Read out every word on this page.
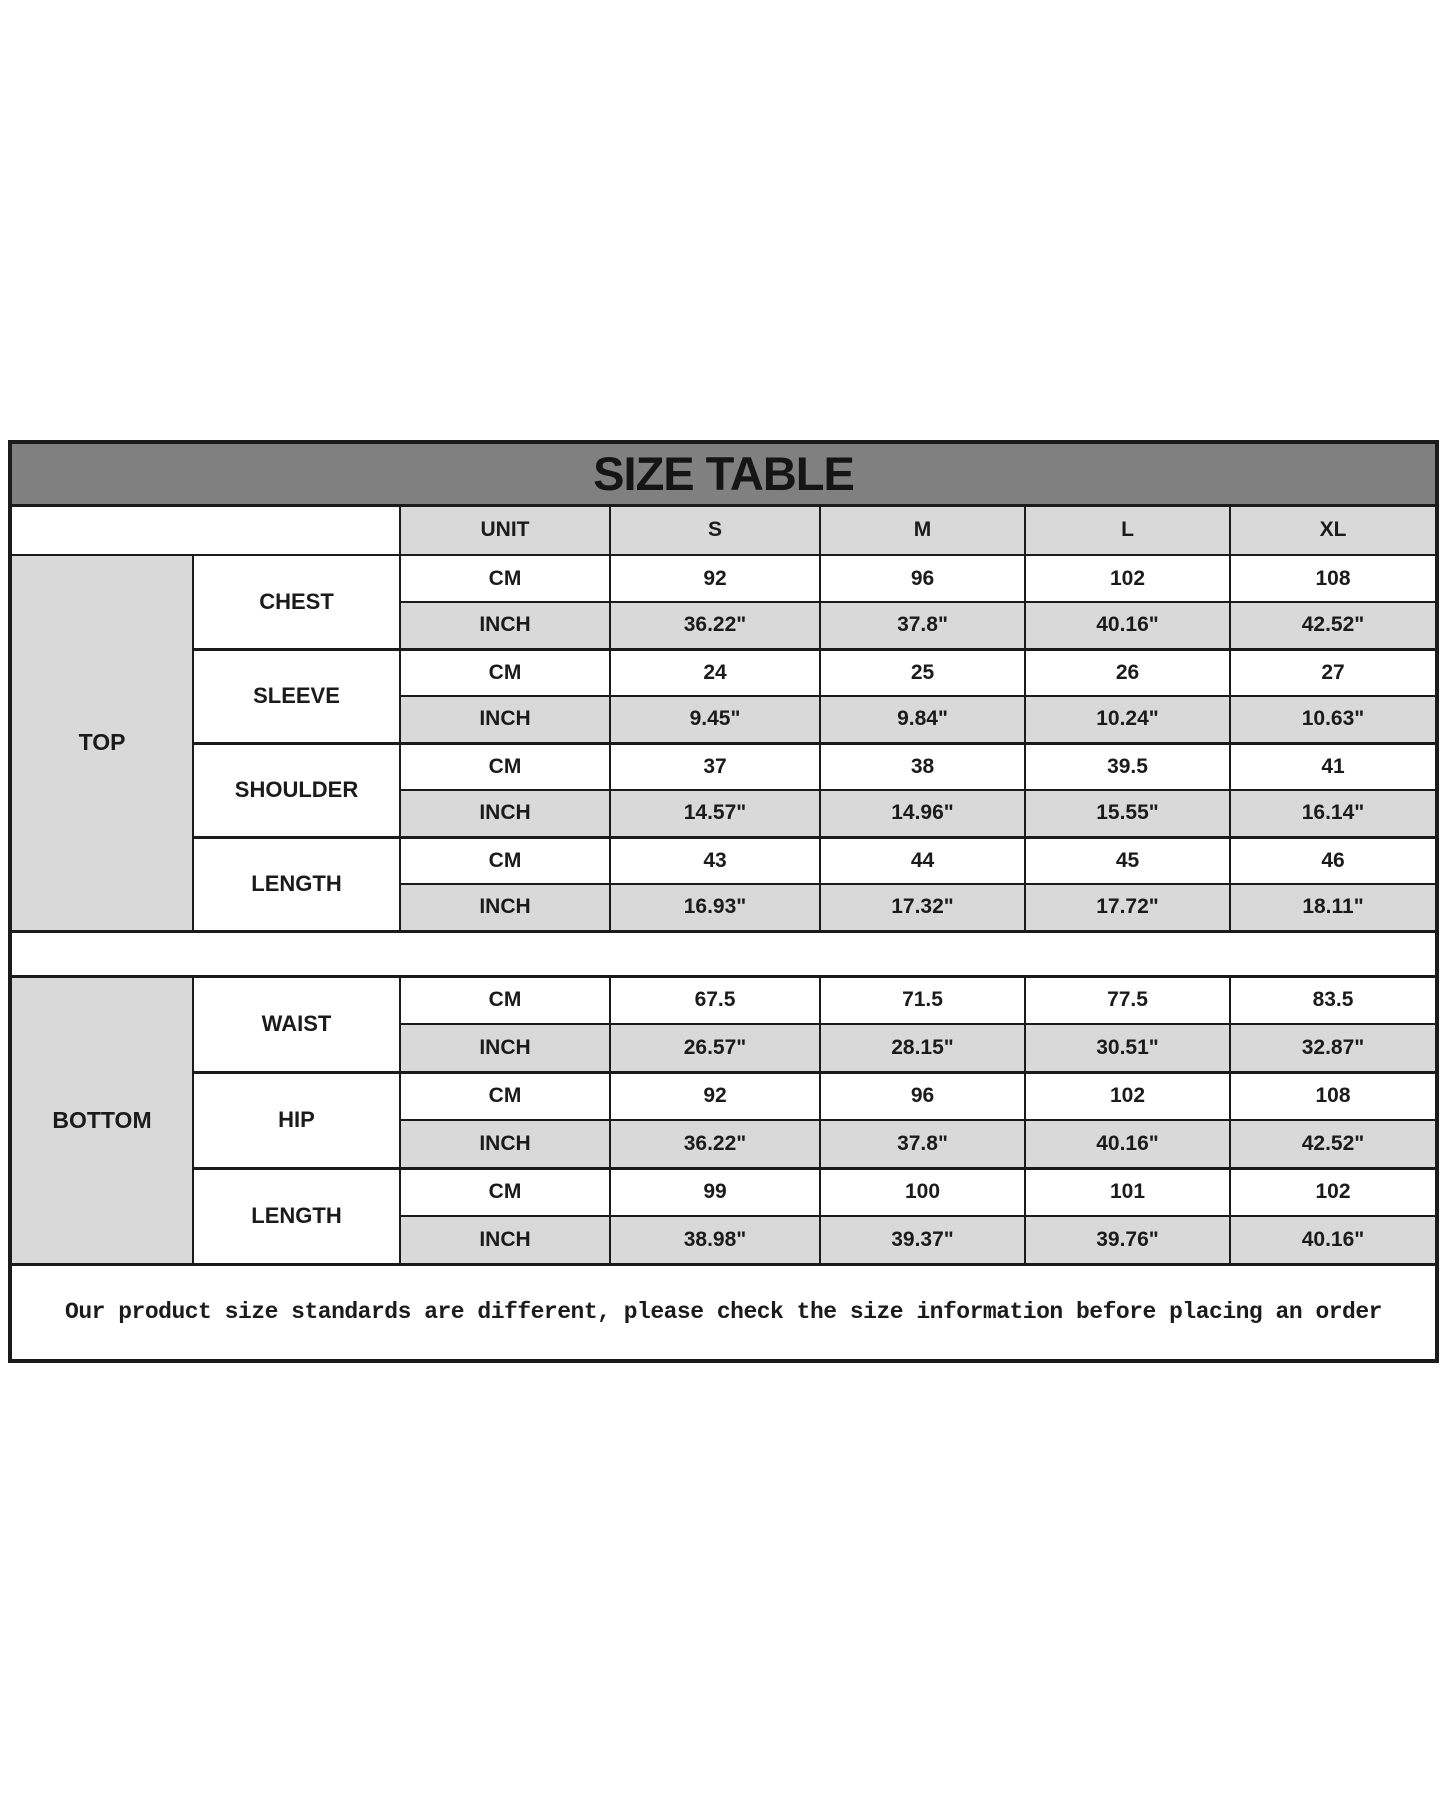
SIZE TABLE						
		UNIT	S	M	L	XL
TOP	CHEST	CM	92	96	102	108
		INCH	36.22"	37.8"	40.16"	42.52"
	SLEEVE	CM	24	25	26	27
		INCH	9.45"	9.84"	10.24"	10.63"
	SHOULDER	CM	37	38	39.5	41
		INCH	14.57"	14.96"	15.55"	16.14"
	LENGTH	CM	43	44	45	46
		INCH	16.93"	17.32"	17.72"	18.11"

BOTTOM	WAIST	CM	67.5	71.5	77.5	83.5
		INCH	26.57"	28.15"	30.51"	32.87"
	HIP	CM	92	96	102	108
		INCH	36.22"	37.8"	40.16"	42.52"
	LENGTH	CM	99	100	101	102
		INCH	38.98"	39.37"	39.76"	40.16"
Our product size standards are different, please check the size information before placing an order						
